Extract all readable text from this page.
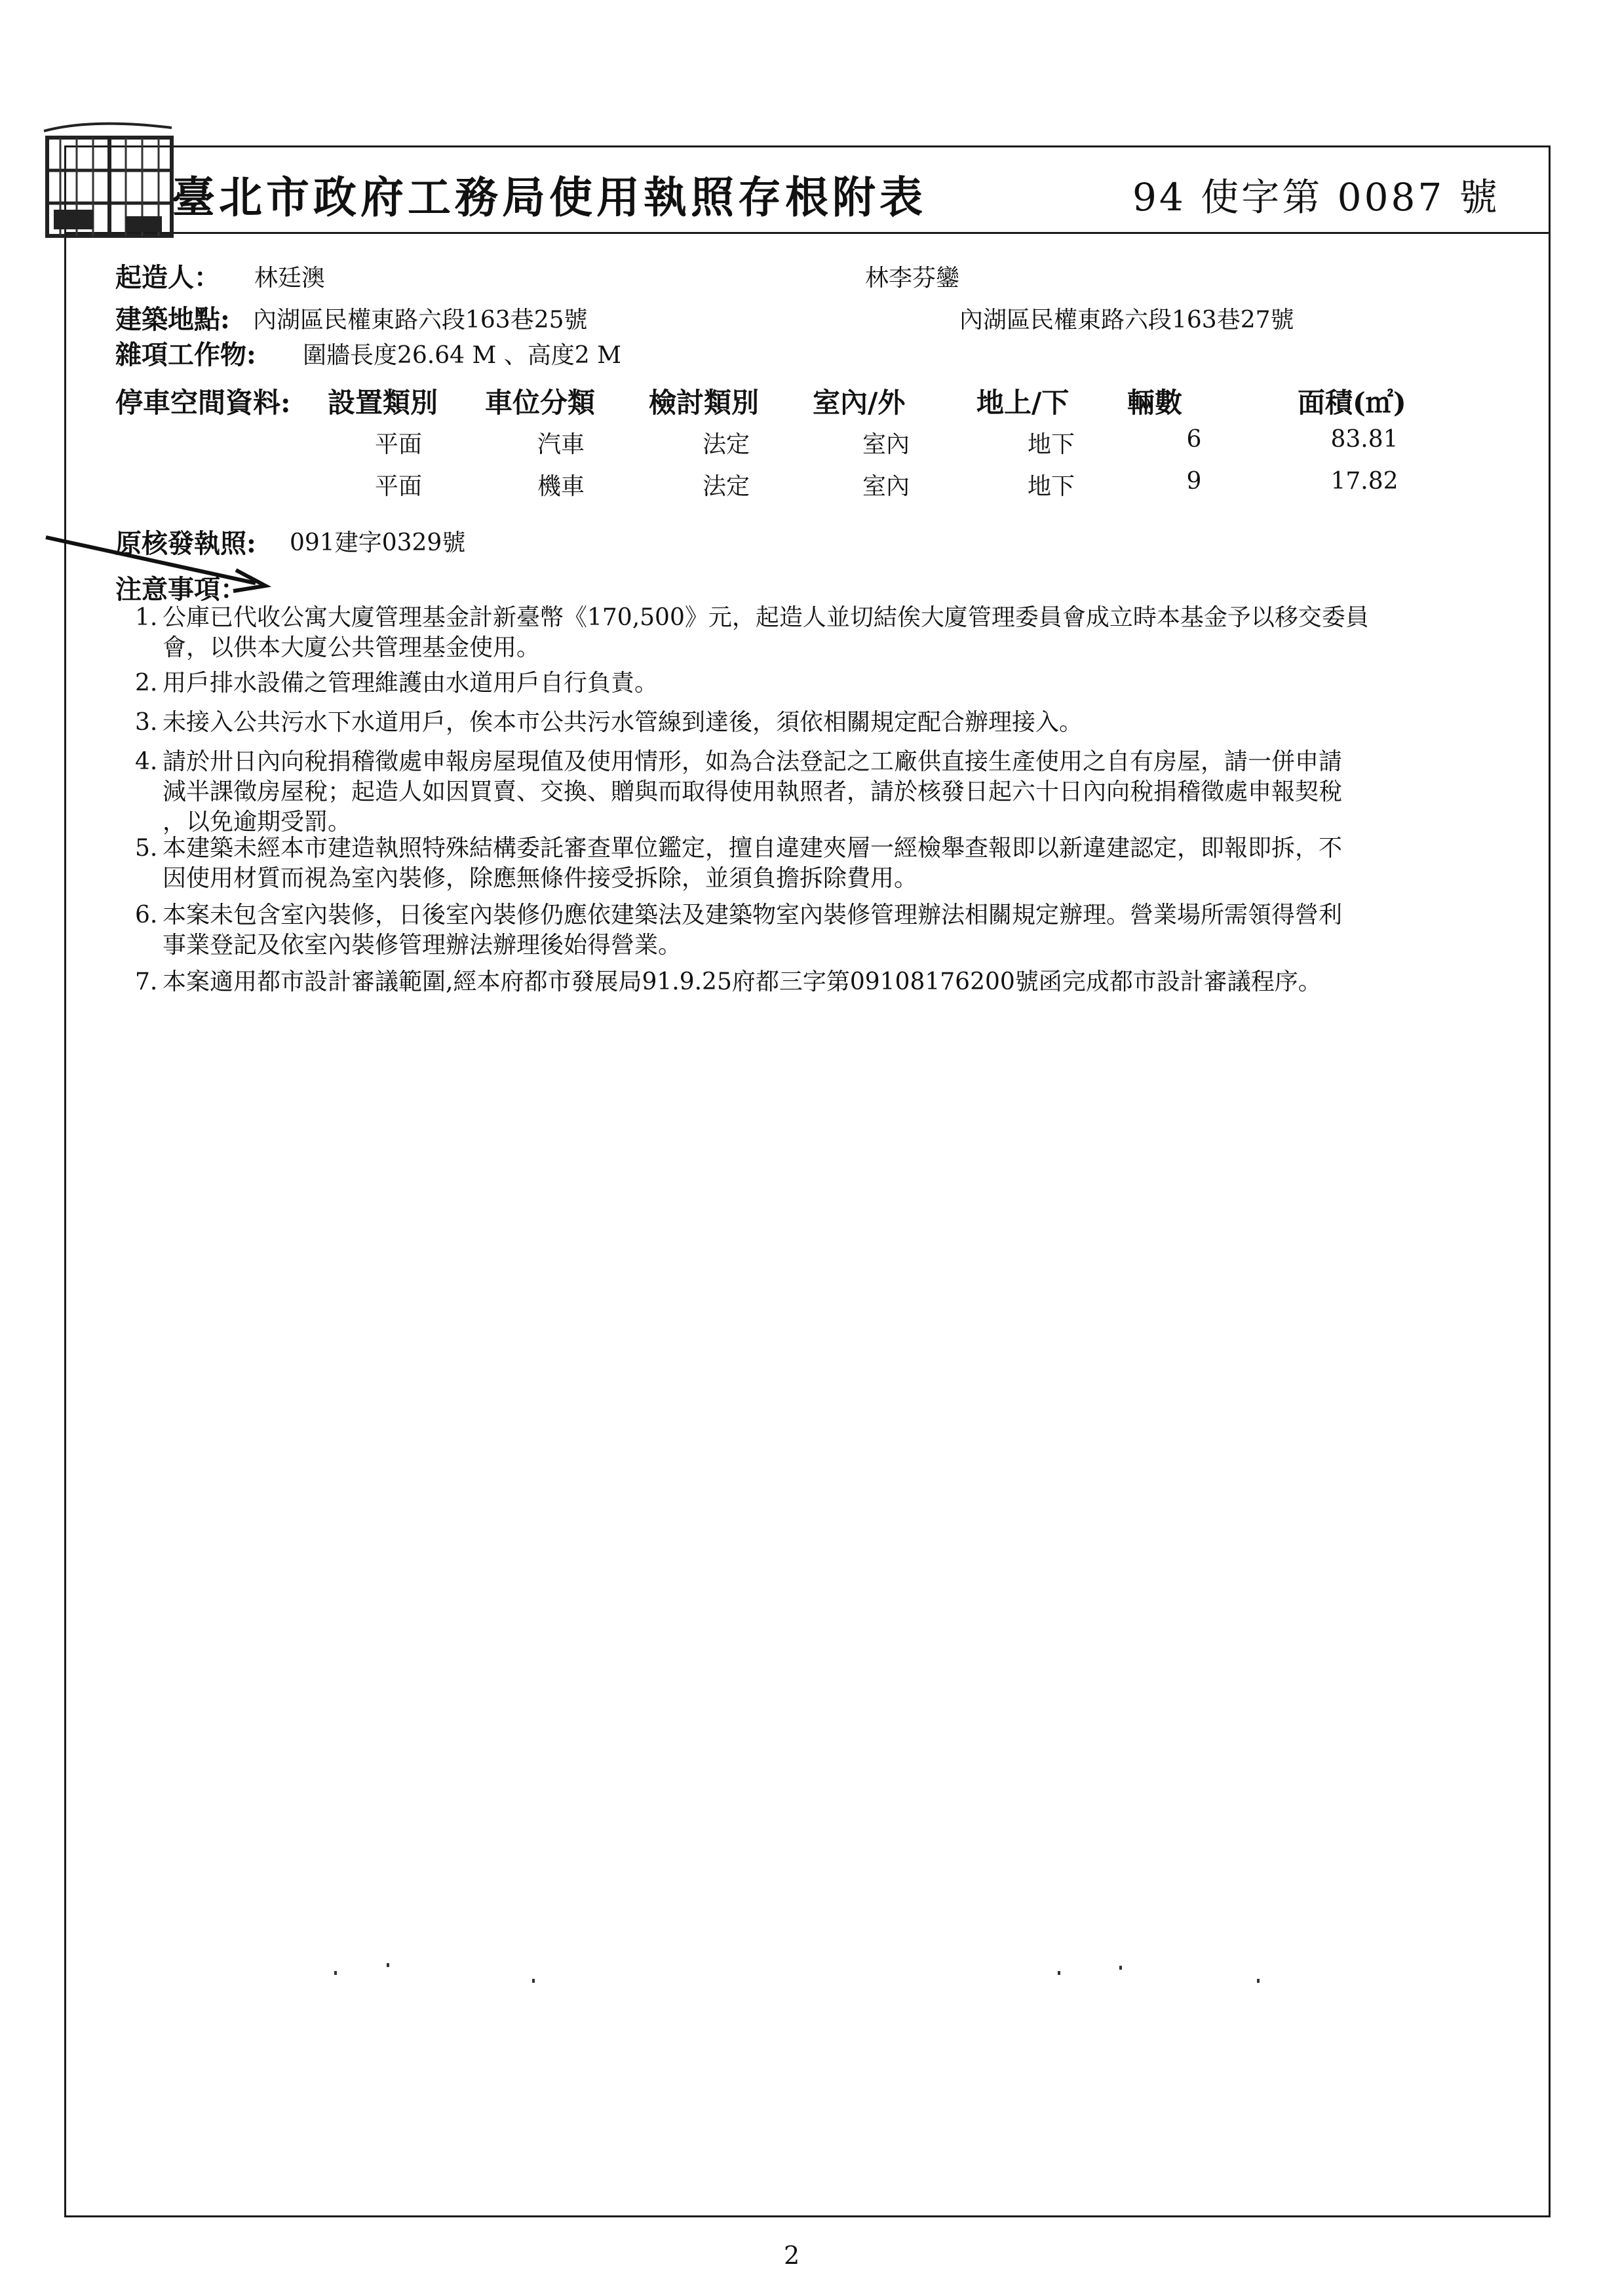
臺北市政府工務局使用執照存根附表	94 使字第 0087 號
起造人： 林廷澳	林李芬鑾
建築地點: 內湖區民權東路六段163巷25號	內湖區民權東路六段163巷27號
雜項工作物: 圍牆長度26.64 M 、高度2 M
停車空間資料: 設置類別 車位分類 檢討類別 室內/外	地上/下 輛數	面積(㎡)
平面	汽車	法定	室內	地下	6	83.81
平面	機車	法定	室內	地下	9	17.82
原核發執照: 091建字0329號
注意事項：
1. 公庫已代收公寓大廈管理基金計新臺幣《170,500》元，起造人並切結俟大廈管理委員會成立時本基金予以移交委員
會，以供本大廈公共管理基金使用。
2. 用戶排水設備之管理維護由水道用戶自行負責。
3. 未接入公共污水下水道用戶，俟本市公共污水管線到達後，須依相關規定配合辦理接入。
4. 請於卅日內向稅捐稽徵處申報房屋現值及使用情形，如為合法登記之工廠供直接生產使用之自有房屋，請一併申請
減半課徵房屋稅；起造人如因買賣、交換、贈與而取得使用執照者，請於核發日起六十日內向稅捐稽徵處申報契稅
，以免逾期受罰。
5. 本建築未經本市建造執照特殊結構委託審查單位鑑定，擅自違建夾層一經檢舉查報即以新違建認定，即報即拆，不
因使用材質而視為室內裝修，除應無條件接受拆除，並須負擔拆除費用。
6. 本案未包含室內裝修，日後室內裝修仍應依建築法及建築物室內裝修管理辦法相關規定辦理。營業場所需領得營利
事業登記及依室內裝修管理辦法辦理後始得營業。
7. 本案適用都市設計審議範圍,經本府都市發展局91.9.25府都三字第09108176200號函完成都市設計審議程序。
2
